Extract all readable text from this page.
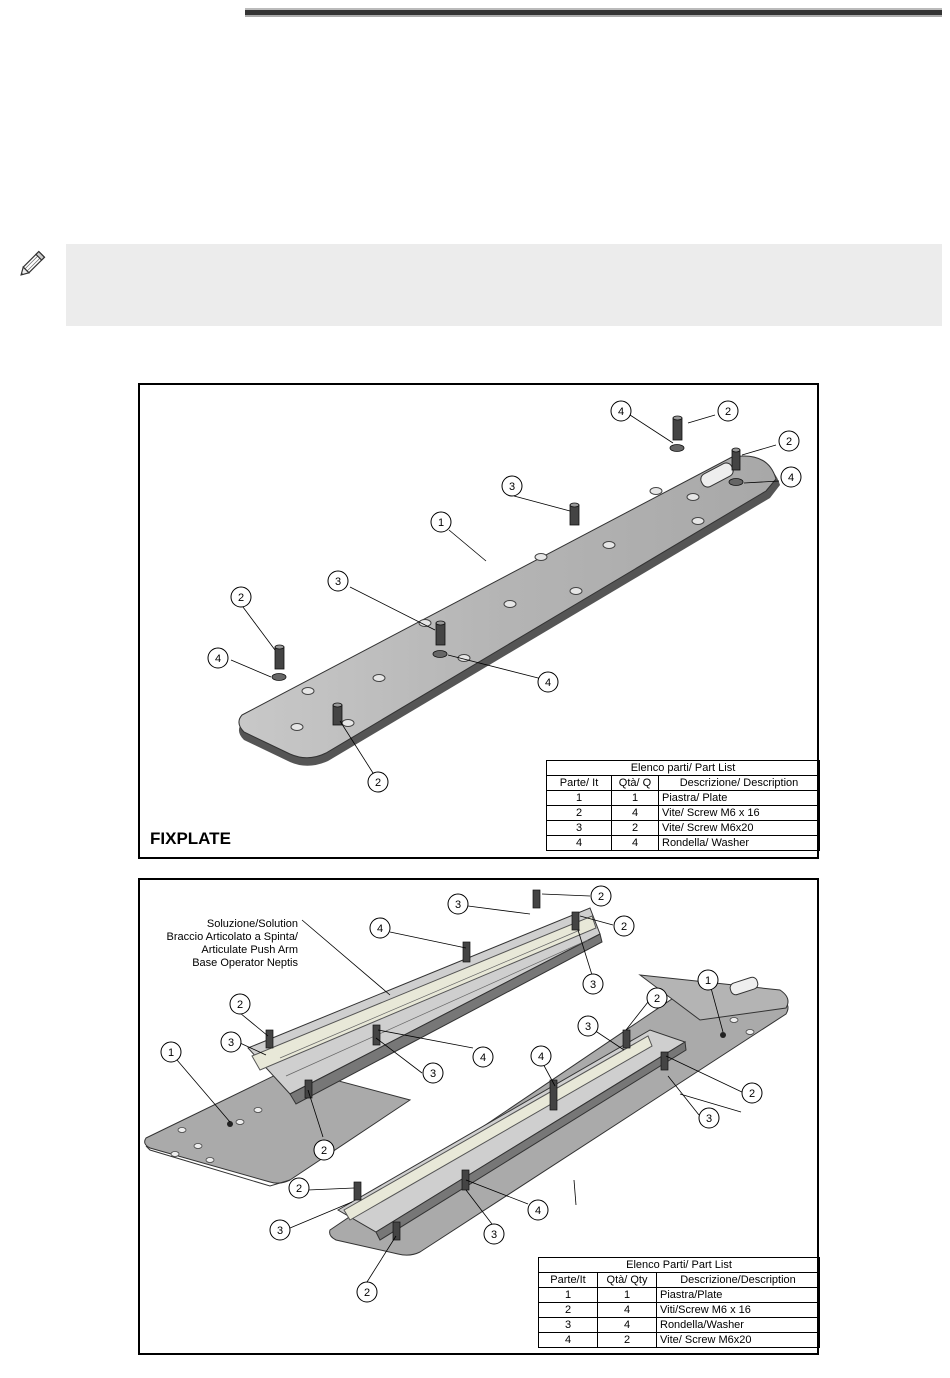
4	2
2
4
3
1
3
4
2
4
2
FIXPLATE
Elenco parti/ Part List		
Parte/ It	Qtà/ Q	Descrizione/ Description
1	1	Piastra/ Plate
2	4	Vite/ Screw M6 x 16
3	2	Vite/ Screw M6x20
4	4	Rondella/ Washer
3
2
2
4
3
2
3
4
3
1
2
1
2
3
2
3
4
2
3
4
3
2
Soluzione/Solution
Braccio Articolato a Spinta/
Articulate Push Arm
Base Operator Neptis
Elenco Parti/ Part List		
Parte/It	Qtà/ Qty	Descrizione/Description
1	1	Piastra/Plate
2	4	Viti/Screw M6 x 16
3	4	Rondella/Washer
4	2	Vite/ Screw M6x20
